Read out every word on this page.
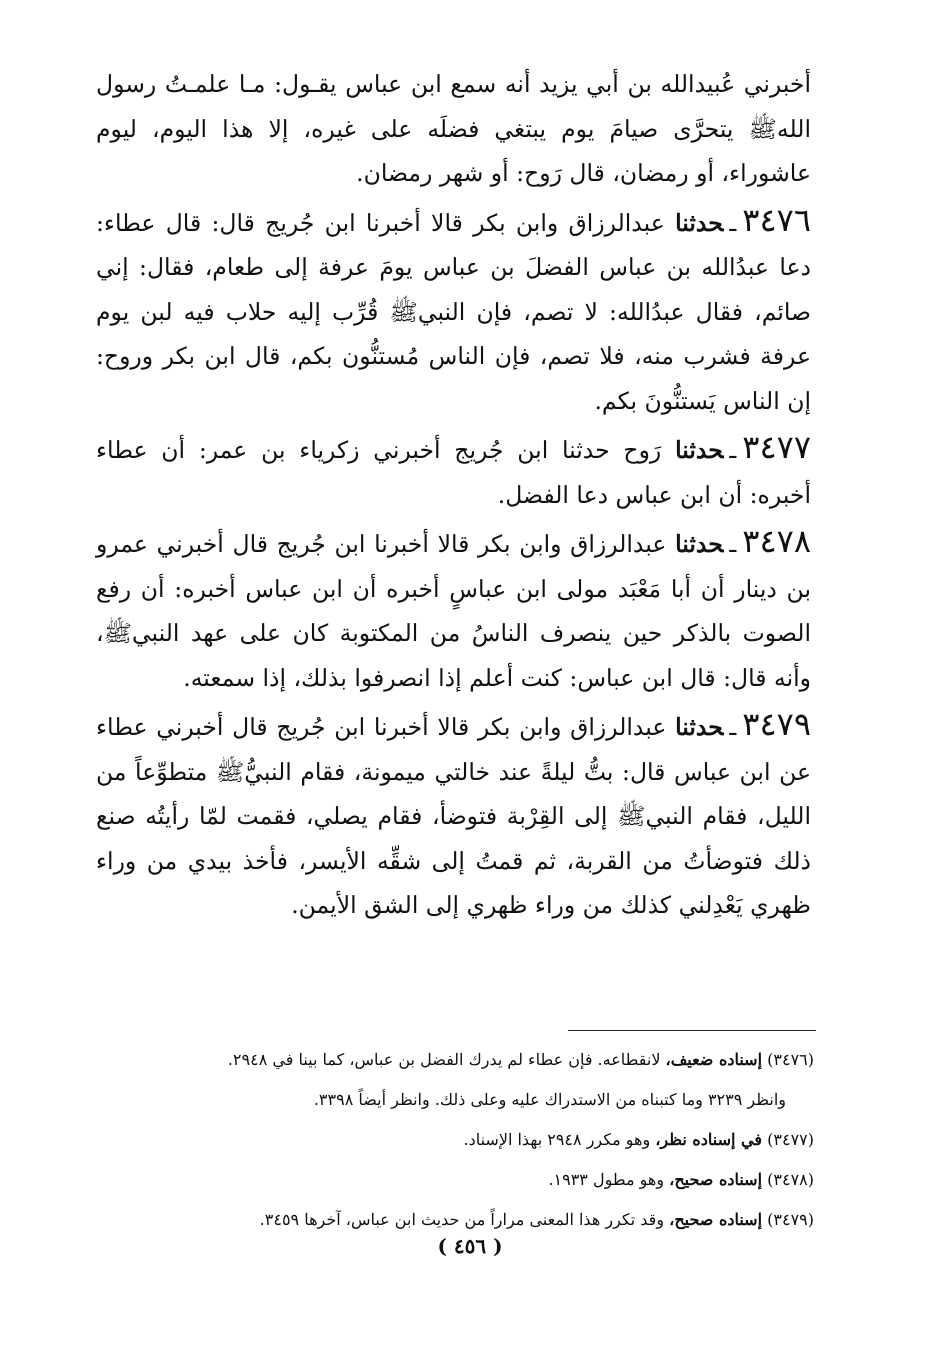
أخبرني عُبيدالله بن أبي يزيد أنه سمع ابن عباس يقـول: مـا علمـتُ رسول اللهﷺ يتحرَّى صيامَ يوم يبتغي فضلَه على غيره، إلا هذا اليوم، ليوم عاشوراء، أو رمضان، قال رَوح: أو شهر رمضان.

٣٤٧٦ـحدثنا عبدالرزاق وابن بكر قالا أخبرنا ابن جُريج قال: قال عطاء: دعا عبدُالله بن عباس الفضلَ بن عباس يومَ عرفة إلى طعام، فقال: إني صائم، فقال عبدُالله: لا تصم، فإن النبيﷺ قُرِّب إليه حلاب فيه لبن يوم عرفة فشرب منه، فلا تصم، فإن الناس مُستنُّون بكم، قال ابن بكر وروح: إن الناس يَستنُّونَ بكم.

٣٤٧٧ـحدثنا رَوح حدثنا ابن جُريج أخبرني زكرياء بن عمر: أن عطاء أخبره: أن ابن عباس دعا الفضل.

٣٤٧٨ـحدثنا عبدالرزاق وابن بكر قالا أخبرنا ابن جُريج قال أخبرني عمرو بن دينار أن أبا مَعْبَد مولى ابن عباسٍ أخبره أن ابن عباس أخبره: أن رفع الصوت بالذكر حين ينصرف الناسُ من المكتوبة كان على عهد النبيﷺ، وأنه قال: قال ابن عباس: كنت أعلم إذا انصرفوا بذلك، إذا سمعته.

٣٤٧٩ـحدثنا عبدالرزاق وابن بكر قالا أخبرنا ابن جُريج قال أخبرني عطاء عن ابن عباس قال: بتُّ ليلةً عند خالتي ميمونة، فقام النبيُّﷺ متطوِّعاً من الليل، فقام النبيﷺ إلى القِرْبة فتوضأ، فقام يصلي، فقمت لمّا رأيتُه صنع ذلك فتوضأتُ من القربة، ثم قمتُ إلى شقِّه الأيسر، فأخذ بيدي من وراء ظهري يَعْدِلني كذلك من وراء ظهري إلى الشق الأيمن.

(٣٤٧٦) إسناده ضعيف، لانقطاعه. فإن عطاء لم يدرك الفضل بن عباس، كما بينا في ٢٩٤٨.

وانظر ٣٢٣٩ وما كتبناه من الاستدراك عليه وعلى ذلك. وانظر أيضاً ٣٣٩٨.

(٣٤٧٧) في إسناده نظر، وهو مكرر ٢٩٤٨ بهذا الإسناد.

(٣٤٧٨) إسناده صحيح، وهو مطول ١٩٣٣.

(٣٤٧٩) إسناده صحيح، وقد تكرر هذا المعنى مراراً من حديث ابن عباس، آخرها ٣٤٥٩.

( ٤٥٦ )
